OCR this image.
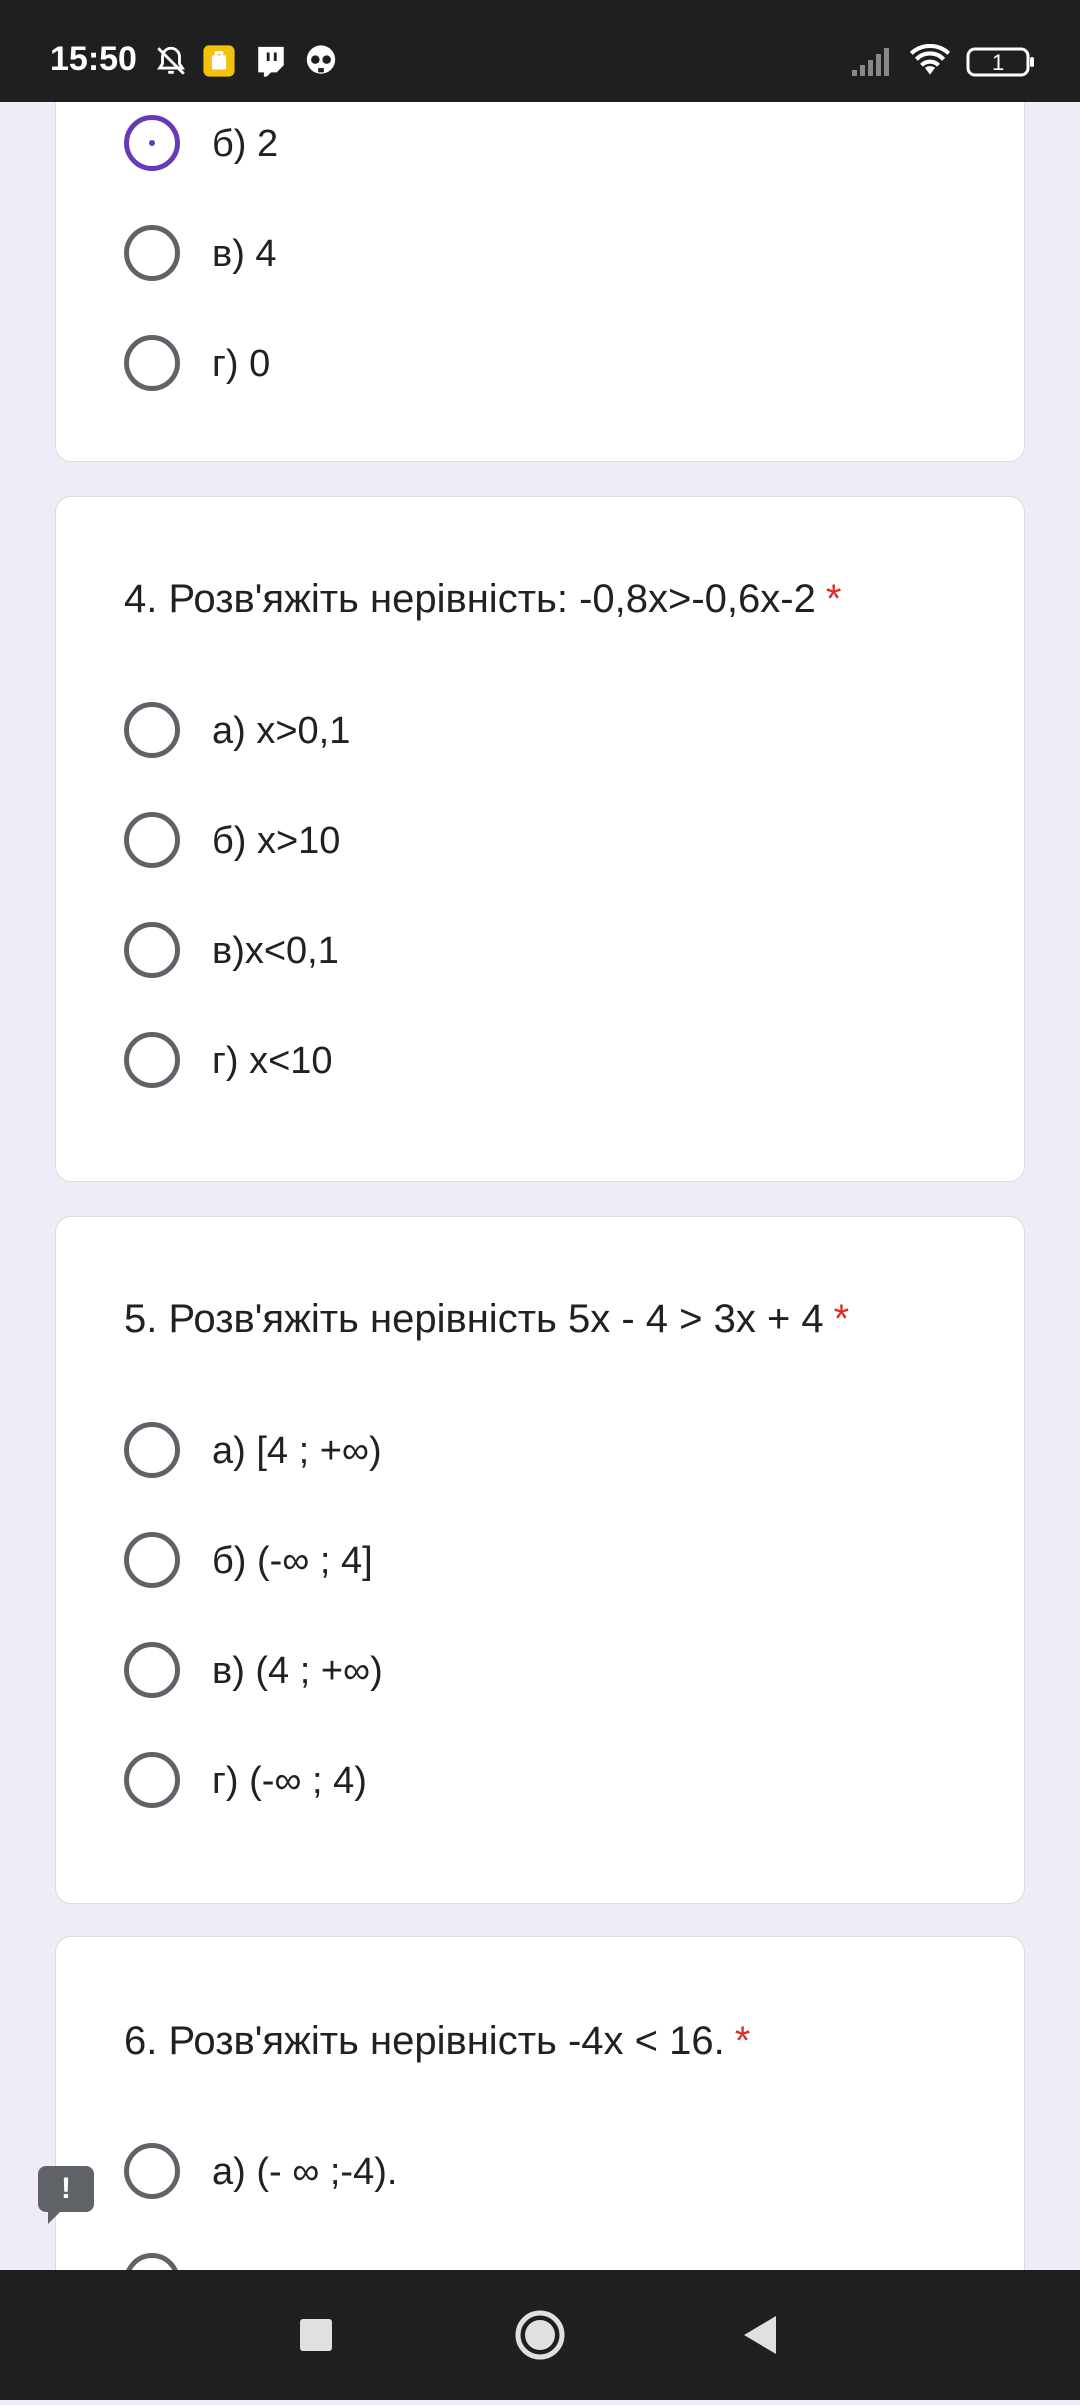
15:50	1
б) 2
в) 4
г) 0
4. Розв'яжіть нерівність: -0,8x>-0,6x-2 *
а) x>0,1
б) x>10
в)x<0,1
г) x<10
5. Розв'яжіть нерівність 5х - 4 > 3х + 4 *
а) [4 ; +∞)
б) (-∞ ; 4]
в) (4 ; +∞)
г) (-∞ ; 4)
6. Розв'яжіть нерівність -4х < 16. *
а) (- ∞ ;-4).
!
